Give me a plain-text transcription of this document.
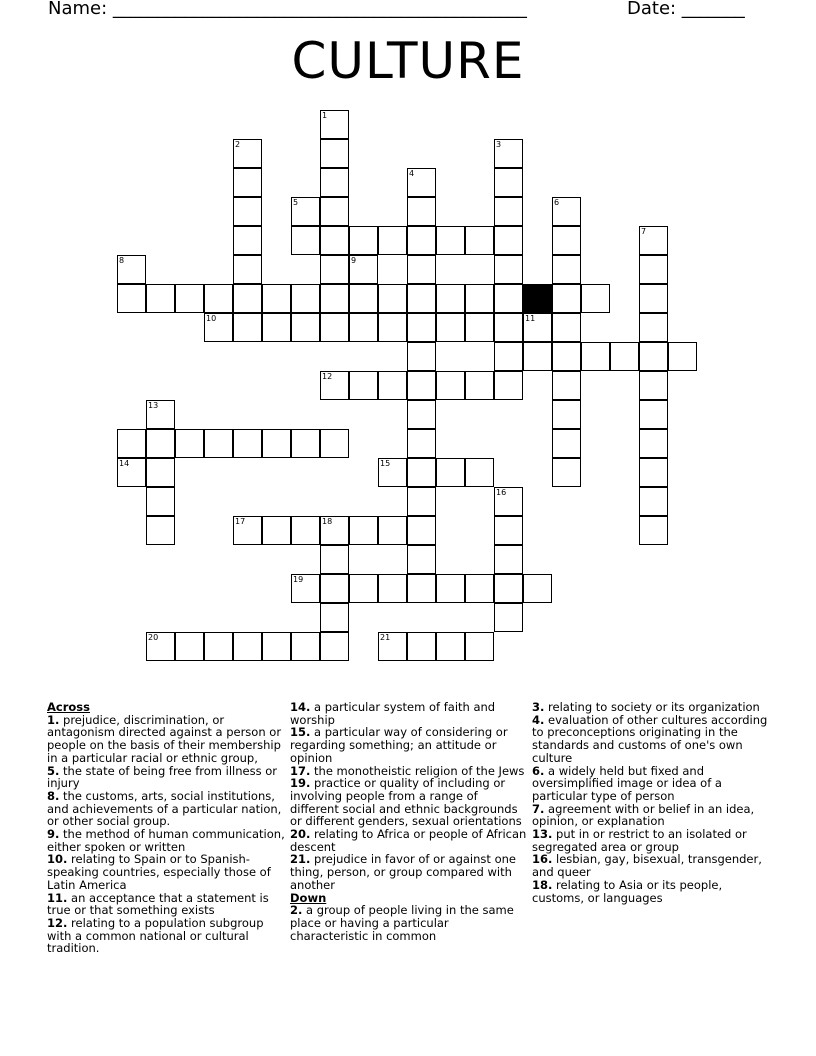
Name: ______________________________________________	Date: _______
CULTURE
1
2	3
4
5	6
7
8	9
10	11
12
13
14	15
16
17	18
19
20	21
Across
1. prejudice, discrimination, or antagonism directed against a person or people on the basis of their membership in a particular racial or ethnic group,
5. the state of being free from illness or injury
8. the customs, arts, social institutions, and achievements of a particular nation, or other social group.
9. the method of human communication, either spoken or written
10. relating to Spain or to Spanish-speaking countries, especially those of Latin America
11. an acceptance that a statement is true or that something exists
12. relating to a population subgroup with a common national or cultural tradition.
14. a particular system of faith and worship
15. a particular way of considering or regarding something; an attitude or opinion
17. the monotheistic religion of the Jews
19. practice or quality of including or involving people from a range of different social and ethnic backgrounds or different genders, sexual orientations
20. relating to Africa or people of African descent
21. prejudice in favor of or against one thing, person, or group compared with another
Down
2. a group of people living in the same place or having a particular characteristic in common
3. relating to society or its organization
4. evaluation of other cultures according to preconceptions originating in the standards and customs of one's own culture
6. a widely held but fixed and oversimplified image or idea of a particular type of person
7. agreement with or belief in an idea, opinion, or explanation
13. put in or restrict to an isolated or segregated area or group
16. lesbian, gay, bisexual, transgender, and queer
18. relating to Asia or its people, customs, or languages
